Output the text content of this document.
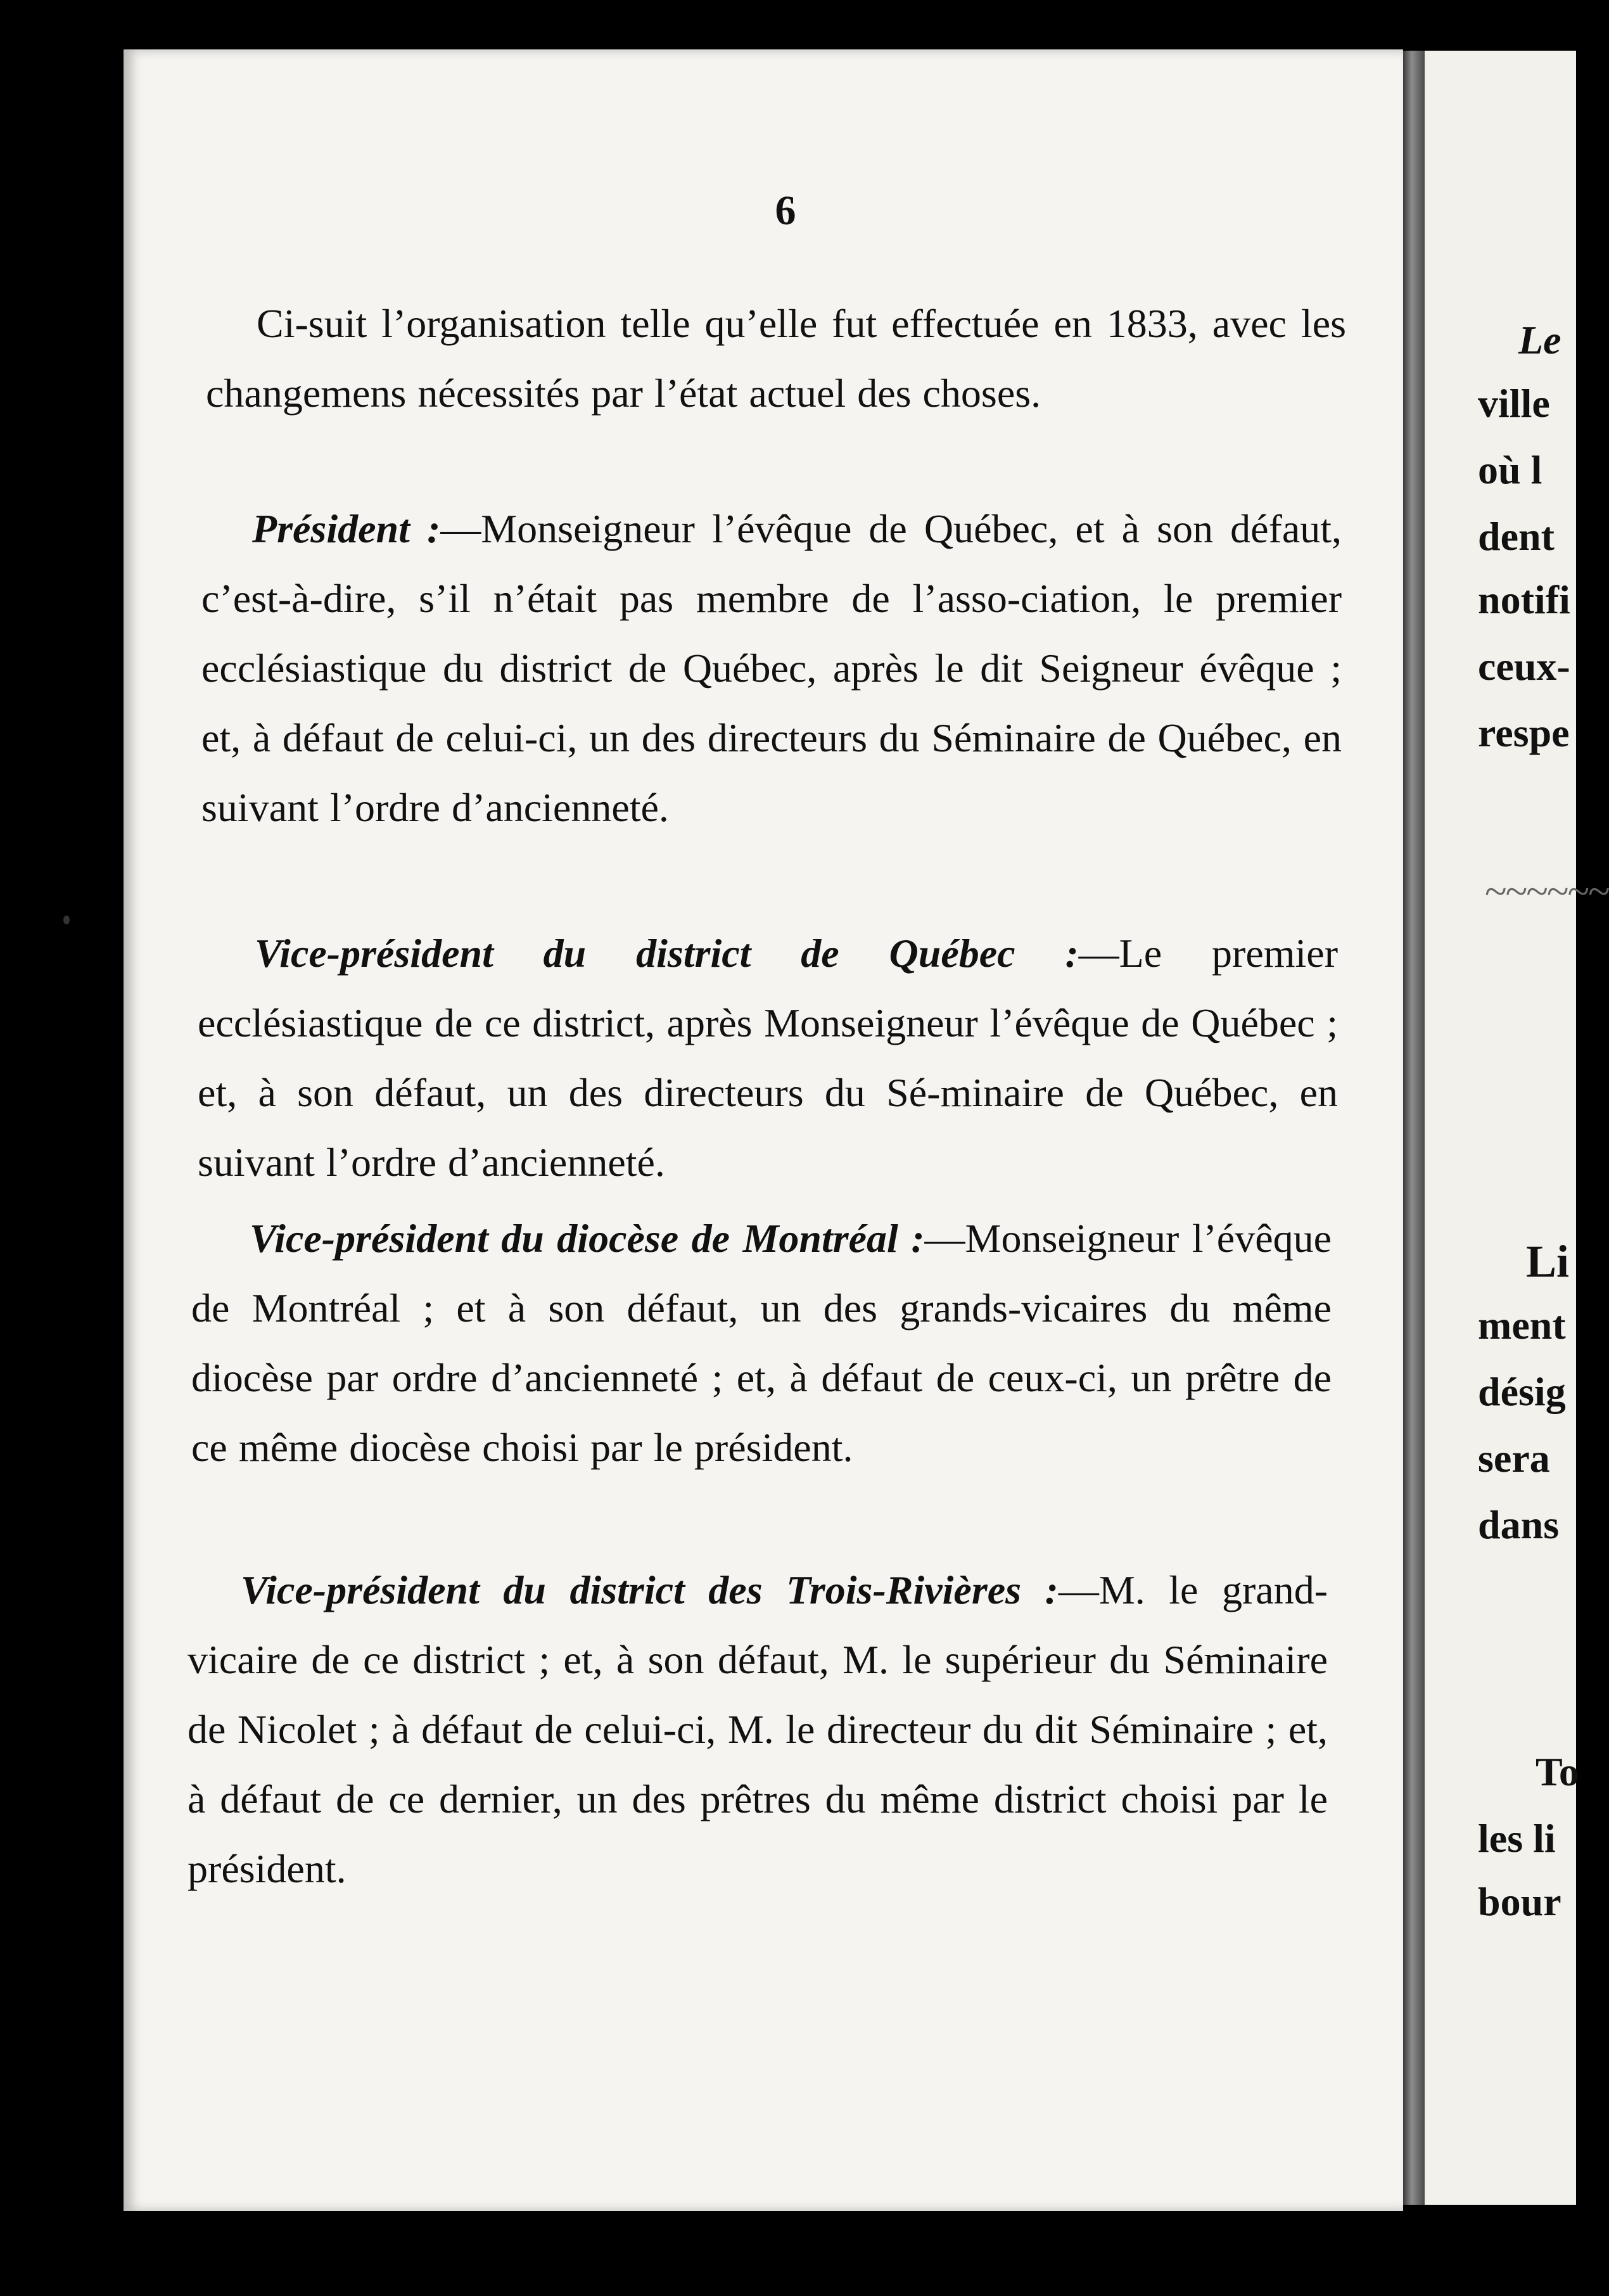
6
Ci-suit l’organisation telle qu’elle fut effectuée en 1833, avec les changemens nécessités par l’état actuel des choses.
Président :—Monseigneur l’évêque de Québec, et à son défaut, c’est-à-dire, s’il n’était pas membre de l’asso-ciation, le premier ecclésiastique du district de Québec, après le dit Seigneur évêque ; et, à défaut de celui-ci, un des directeurs du Séminaire de Québec, en suivant l’ordre d’ancienneté.
Vice-président du district de Québec :—Le premier ecclésiastique de ce district, après Monseigneur l’évêque de Québec ; et, à son défaut, un des directeurs du Sé-minaire de Québec, en suivant l’ordre d’ancienneté.
Vice-président du diocèse de Montréal :—Monseigneur l’évêque de Montréal ; et à son défaut, un des grands-vicaires du même diocèse par ordre d’ancienneté ; et, à défaut de ceux-ci, un prêtre de ce même diocèse choisi par le président.
Vice-président du district des Trois-Rivières :—M. le grand-vicaire de ce district ; et, à son défaut, M. le supérieur du Séminaire de Nicolet ; à défaut de celui-ci, M. le directeur du dit Séminaire ; et, à défaut de ce dernier, un des prêtres du même district choisi par le président.
Le
ville
où l
dent
notifi
ceux-
respe
~~~~~~
Li
ment
désig
sera
dans
To
les li
bour
